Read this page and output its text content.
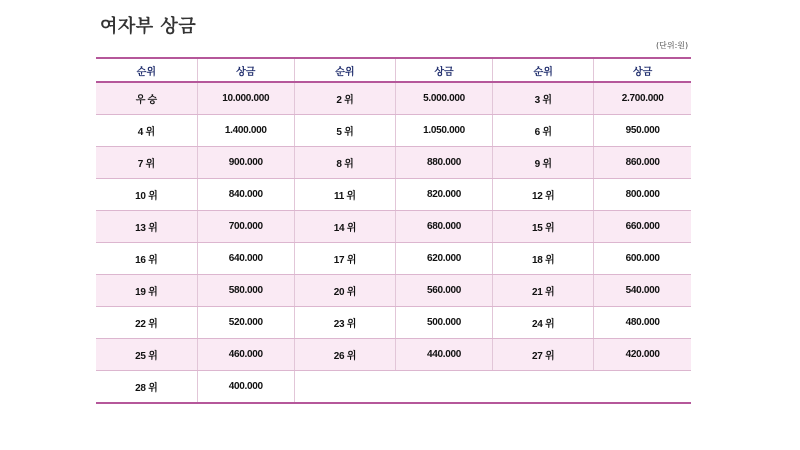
여자부 상금
(단위:원)
순위	상금	순위	상금	순위	상금
우 승	10.000.000	2 위	5.000.000	3 위	2.700.000
4 위	1.400.000	5 위	1.050.000	6 위	950.000
7 위	900.000	8 위	880.000	9 위	860.000
10 위	840.000	11 위	820.000	12 위	800.000
13 위	700.000	14 위	680.000	15 위	660.000
16 위	640.000	17 위	620.000	18 위	600.000
19 위	580.000	20 위	560.000	21 위	540.000
22 위	520.000	23 위	500.000	24 위	480.000
25 위	460.000	26 위	440.000	27 위	420.000
28 위	400.000				
